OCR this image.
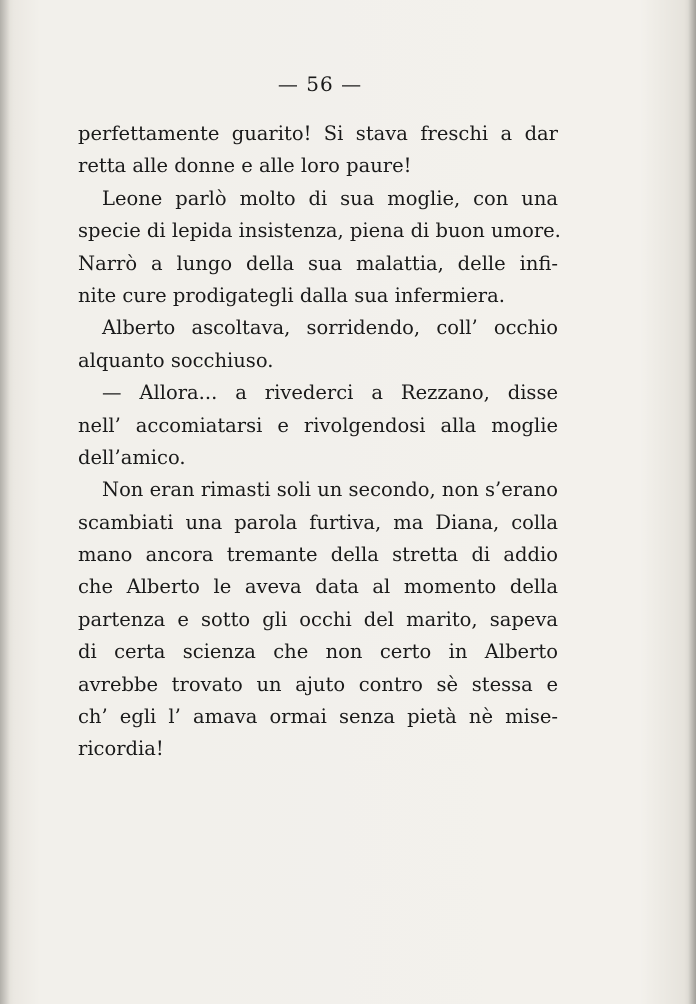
— 56 —
perfettamente guarito! Si stava freschi a dar
retta alle donne e alle loro paure!
Leone parlò molto di sua moglie, con una
specie di lepida insistenza, piena di buon umore.
Narrò a lungo della sua malattia, delle infi-
nite cure prodigategli dalla sua infermiera.
Alberto ascoltava, sorridendo, coll’ occhio
alquanto socchiuso.
— Allora... a rivederci a Rezzano, disse
nell’ accomiatarsi e rivolgendosi alla moglie
dell’amico.
Non eran rimasti soli un secondo, non s’erano
scambiati una parola furtiva, ma Diana, colla
mano ancora tremante della stretta di addio
che Alberto le aveva data al momento della
partenza e sotto gli occhi del marito, sapeva
di certa scienza che non certo in Alberto
avrebbe trovato un ajuto contro sè stessa e
ch’ egli l’ amava ormai senza pietà nè mise-
ricordia!
